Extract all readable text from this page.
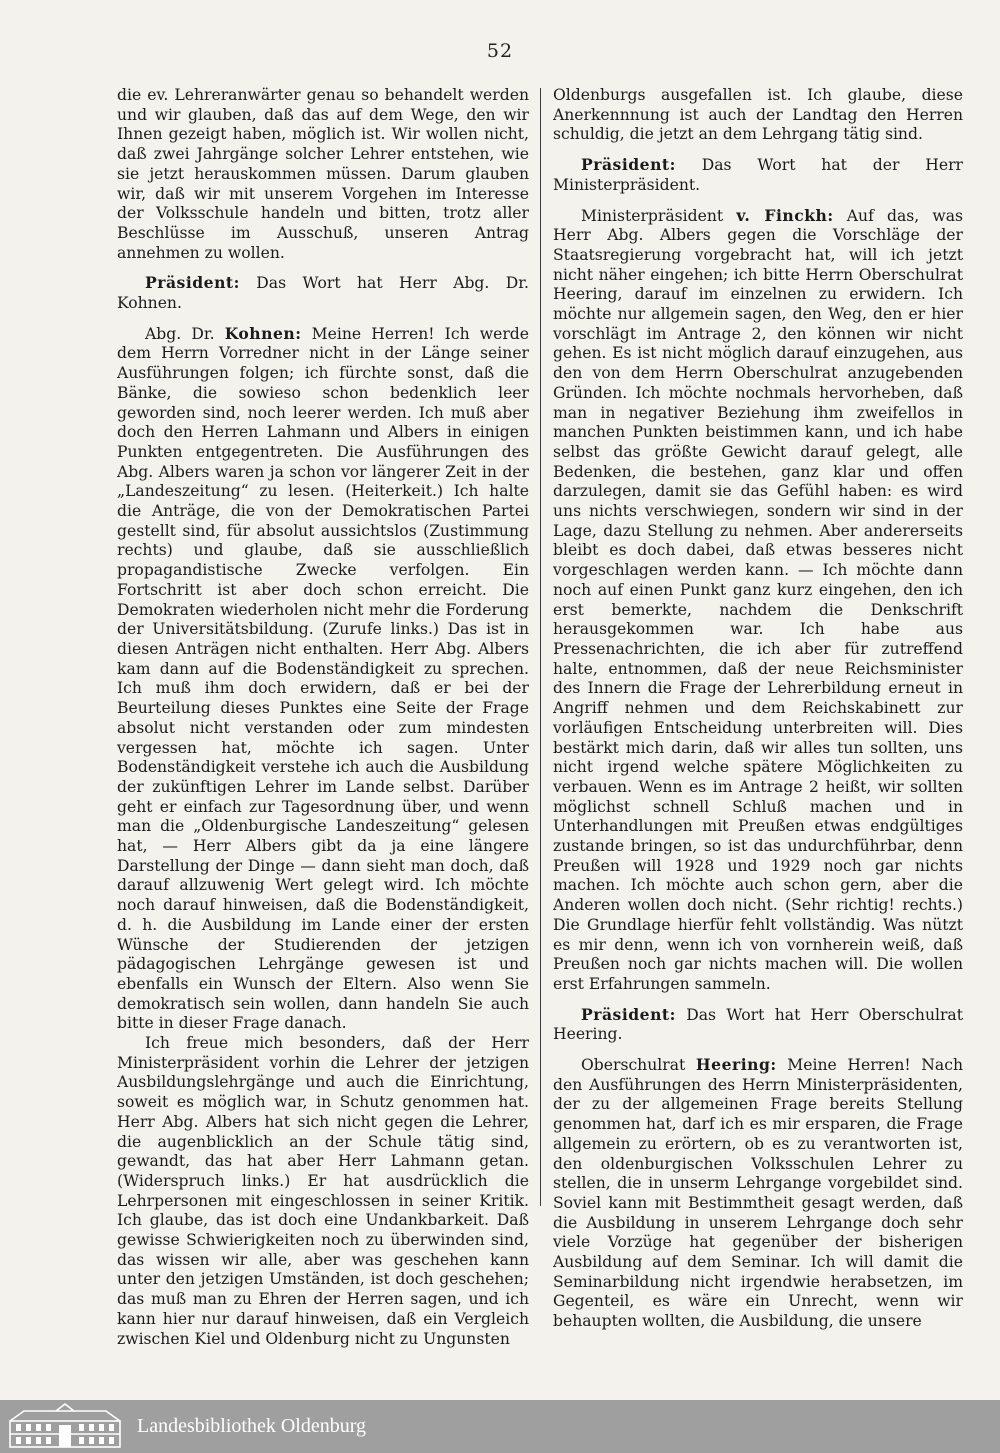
52

die ev. Lehreranwärter genau so behandelt werden und wir glauben, daß das auf dem Wege, den wir Ihnen gezeigt haben, möglich ist. Wir wollen nicht, daß zwei Jahrgänge solcher Lehrer entstehen, wie sie jetzt herauskommen müssen. Darum glauben wir, daß wir mit unserem Vorgehen im Interesse der Volksschule handeln und bitten, trotz aller Beschlüsse im Ausschuß, unseren Antrag annehmen zu wollen.

Präsident: Das Wort hat Herr Abg. Dr. Kohnen.

Abg. Dr. Kohnen: Meine Herren! Ich werde dem Herrn Vorredner nicht in der Länge seiner Ausführungen folgen; ich fürchte sonst, daß die Bänke, die sowieso schon bedenklich leer geworden sind, noch leerer werden. Ich muß aber doch den Herren Lahmann und Albers in einigen Punkten entgegentreten. Die Ausführungen des Abg. Albers waren ja schon vor längerer Zeit in der „Landeszeitung“ zu lesen. (Heiterkeit.) Ich halte die Anträge, die von der Demokratischen Partei gestellt sind, für absolut aussichtslos (Zustimmung rechts) und glaube, daß sie ausschließlich propagandistische Zwecke verfolgen. Ein Fortschritt ist aber doch schon erreicht. Die Demokraten wiederholen nicht mehr die Forderung der Universitätsbildung. (Zurufe links.) Das ist in diesen Anträgen nicht enthalten. Herr Abg. Albers kam dann auf die Bodenständigkeit zu sprechen. Ich muß ihm doch erwidern, daß er bei der Beurteilung dieses Punktes eine Seite der Frage absolut nicht verstanden oder zum mindesten vergessen hat, möchte ich sagen. Unter Bodenständigkeit verstehe ich auch die Ausbildung der zukünftigen Lehrer im Lande selbst. Darüber geht er einfach zur Tagesordnung über, und wenn man die „Oldenburgische Landeszeitung“ gelesen hat, — Herr Albers gibt da ja eine längere Darstellung der Dinge — dann sieht man doch, daß darauf allzuwenig Wert gelegt wird. Ich möchte noch darauf hinweisen, daß die Bodenständigkeit, d. h. die Ausbildung im Lande einer der ersten Wünsche der Studierenden der jetzigen pädagogischen Lehrgänge gewesen ist und ebenfalls ein Wunsch der Eltern. Also wenn Sie demokratisch sein wollen, dann handeln Sie auch bitte in dieser Frage danach.

Ich freue mich besonders, daß der Herr Ministerpräsident vorhin die Lehrer der jetzigen Ausbildungslehrgänge und auch die Einrichtung, soweit es möglich war, in Schutz genommen hat. Herr Abg. Albers hat sich nicht gegen die Lehrer, die augenblicklich an der Schule tätig sind, gewandt, das hat aber Herr Lahmann getan. (Widerspruch links.) Er hat ausdrücklich die Lehrpersonen mit eingeschlossen in seiner Kritik. Ich glaube, das ist doch eine Undankbarkeit. Daß gewisse Schwierigkeiten noch zu überwinden sind, das wissen wir alle, aber was geschehen kann unter den jetzigen Umständen, ist doch geschehen; das muß man zu Ehren der Herren sagen, und ich kann hier nur darauf hinweisen, daß ein Vergleich zwischen Kiel und Oldenburg nicht zu Ungunsten

Oldenburgs ausgefallen ist. Ich glaube, diese Anerkennnung ist auch der Landtag den Herren schuldig, die jetzt an dem Lehrgang tätig sind.

Präsident: Das Wort hat der Herr Ministerpräsident.

Ministerpräsident v. Finckh: Auf das, was Herr Abg. Albers gegen die Vorschläge der Staatsregierung vorgebracht hat, will ich jetzt nicht näher eingehen; ich bitte Herrn Oberschulrat Heering, darauf im einzelnen zu erwidern. Ich möchte nur allgemein sagen, den Weg, den er hier vorschlägt im Antrage 2, den können wir nicht gehen. Es ist nicht möglich darauf einzugehen, aus den von dem Herrn Oberschulrat anzugebenden Gründen. Ich möchte nochmals hervorheben, daß man in negativer Beziehung ihm zweifellos in manchen Punkten beistimmen kann, und ich habe selbst das größte Gewicht darauf gelegt, alle Bedenken, die bestehen, ganz klar und offen darzulegen, damit sie das Gefühl haben: es wird uns nichts verschwiegen, sondern wir sind in der Lage, dazu Stellung zu nehmen. Aber andererseits bleibt es doch dabei, daß etwas besseres nicht vorgeschlagen werden kann. — Ich möchte dann noch auf einen Punkt ganz kurz eingehen, den ich erst bemerkte, nachdem die Denkschrift herausgekommen war. Ich habe aus Pressenachrichten, die ich aber für zutreffend halte, entnommen, daß der neue Reichsminister des Innern die Frage der Lehrerbildung erneut in Angriff nehmen und dem Reichskabinett zur vorläufigen Entscheidung unterbreiten will. Dies bestärkt mich darin, daß wir alles tun sollten, uns nicht irgend welche spätere Möglichkeiten zu verbauen. Wenn es im Antrage 2 heißt, wir sollten möglichst schnell Schluß machen und in Unterhandlungen mit Preußen etwas endgültiges zustande bringen, so ist das undurchführbar, denn Preußen will 1928 und 1929 noch gar nichts machen. Ich möchte auch schon gern, aber die Anderen wollen doch nicht. (Sehr richtig! rechts.) Die Grundlage hierfür fehlt vollständig. Was nützt es mir denn, wenn ich von vornherein weiß, daß Preußen noch gar nichts machen will. Die wollen erst Erfahrungen sammeln.

Präsident: Das Wort hat Herr Oberschulrat Heering.

Oberschulrat Heering: Meine Herren! Nach den Ausführungen des Herrn Ministerpräsidenten, der zu der allgemeinen Frage bereits Stellung genommen hat, darf ich es mir ersparen, die Frage allgemein zu erörtern, ob es zu verantworten ist, den oldenburgischen Volksschulen Lehrer zu stellen, die in unserm Lehrgange vorgebildet sind. Soviel kann mit Bestimmtheit gesagt werden, daß die Ausbildung in unserem Lehrgange doch sehr viele Vorzüge hat gegenüber der bisherigen Ausbildung auf dem Seminar. Ich will damit die Seminarbildung nicht irgendwie herabsetzen, im Gegenteil, es wäre ein Unrecht, wenn wir behaupten wollten, die Ausbildung, die unsere

Landesbibliothek Oldenburg
